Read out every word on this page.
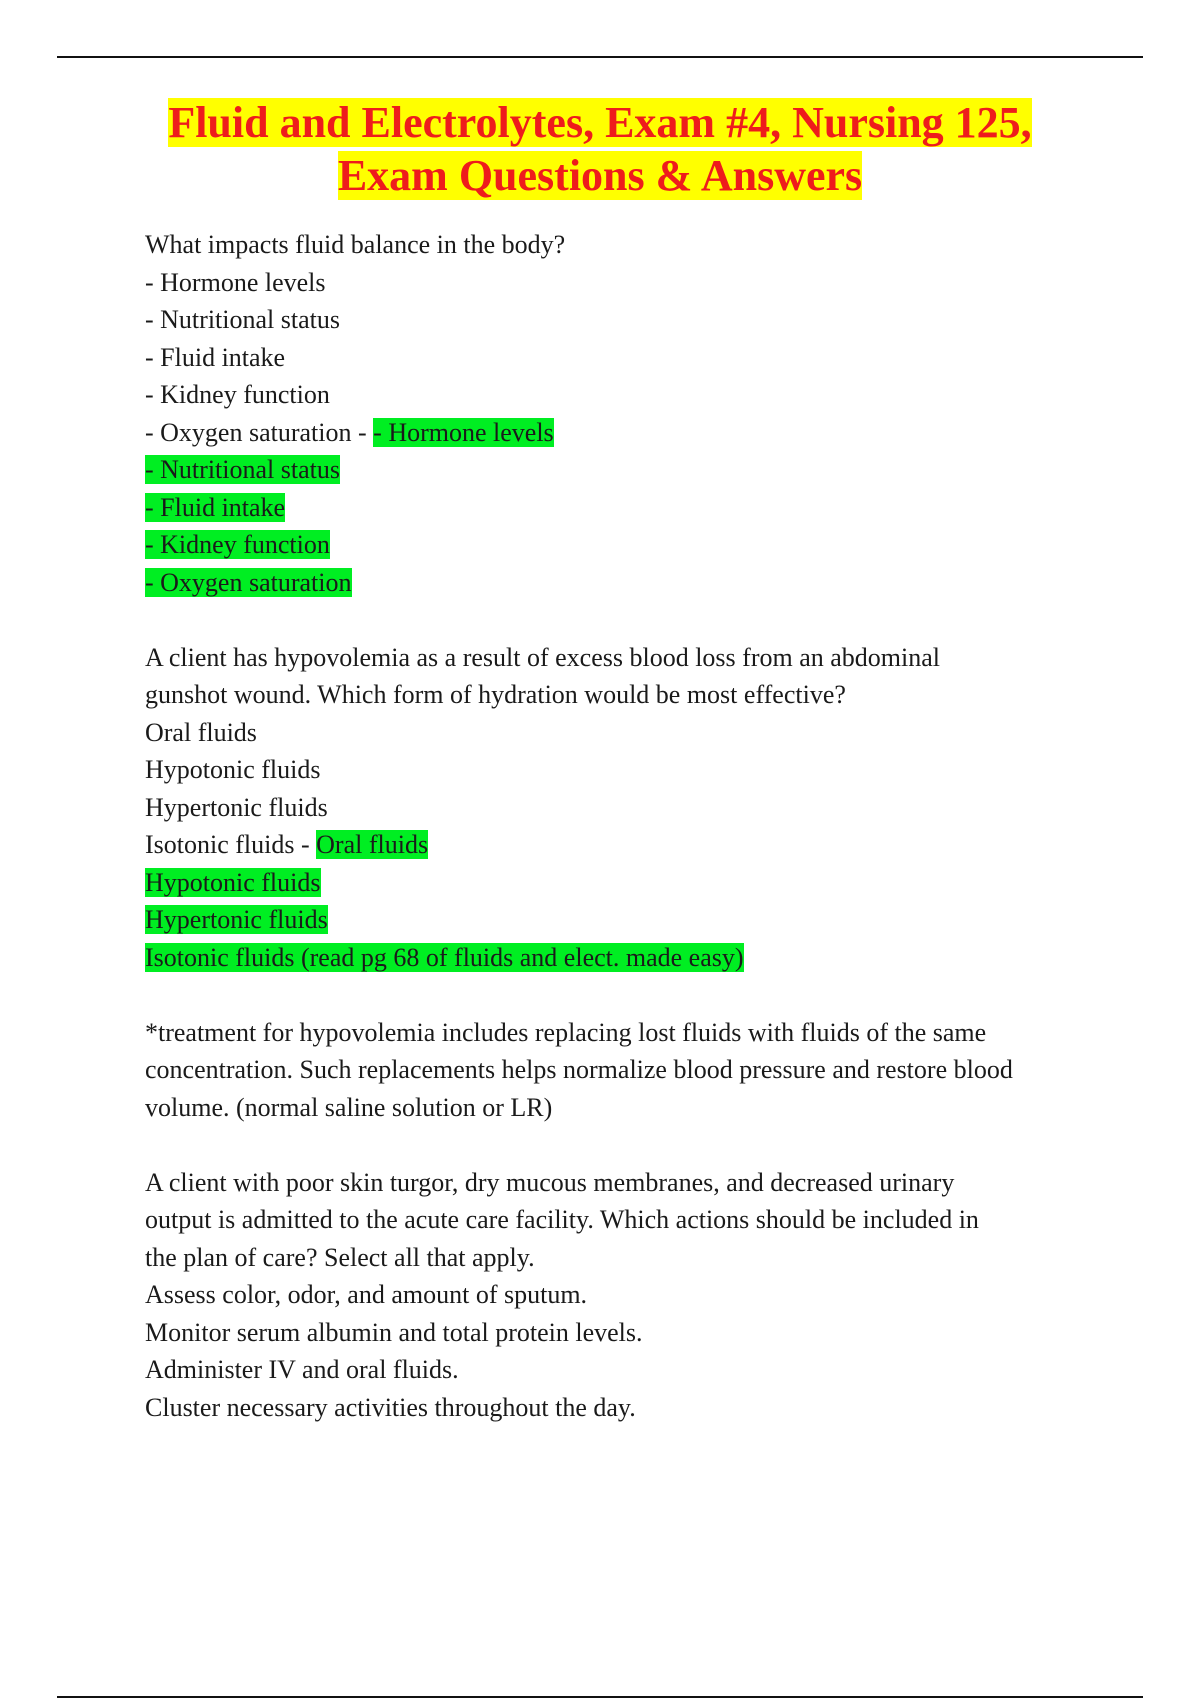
Fluid and Electrolytes, Exam #4, Nursing 125,
Exam Questions & Answers
What impacts fluid balance in the body?
- Hormone levels
- Nutritional status
- Fluid intake
- Kidney function
- Oxygen saturation - - Hormone levels
- Nutritional status
- Fluid intake
- Kidney function
- Oxygen saturation
A client has hypovolemia as a result of excess blood loss from an abdominal
gunshot wound. Which form of hydration would be most effective?
Oral fluids
Hypotonic fluids
Hypertonic fluids
Isotonic fluids - Oral fluids
Hypotonic fluids
Hypertonic fluids
Isotonic fluids (read pg 68 of fluids and elect. made easy)
*treatment for hypovolemia includes replacing lost fluids with fluids of the same
concentration. Such replacements helps normalize blood pressure and restore blood
volume. (normal saline solution or LR)
A client with poor skin turgor, dry mucous membranes, and decreased urinary
output is admitted to the acute care facility. Which actions should be included in
the plan of care? Select all that apply.
Assess color, odor, and amount of sputum.
Monitor serum albumin and total protein levels.
Administer IV and oral fluids.
Cluster necessary activities throughout the day.
